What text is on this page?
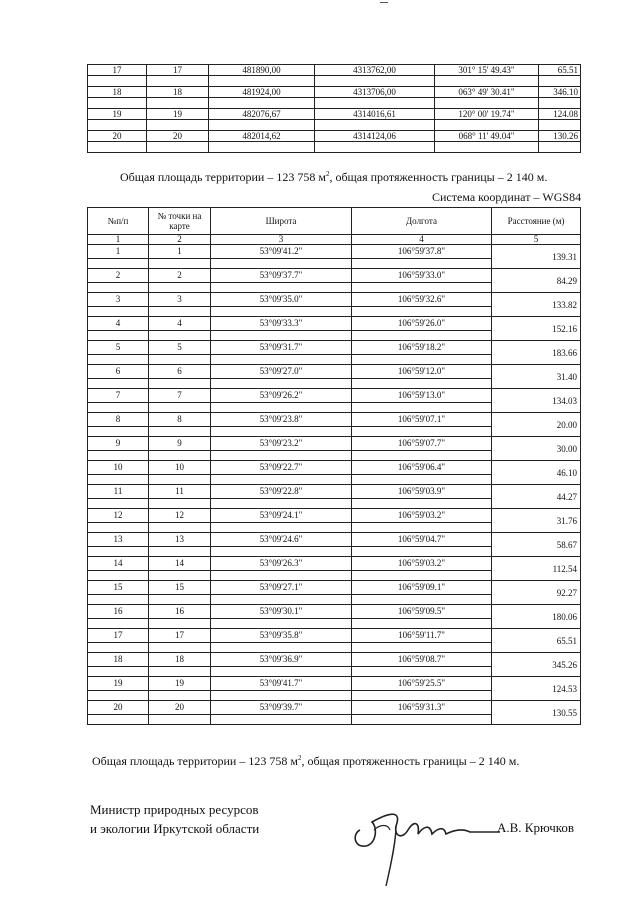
17	17	481890,00	4313762,00	301° 15' 49.43"	65.51

18	18	481924,00	4313706,00	063° 49' 30.41"	346.10

19	19	482076,67	4314016,61	120° 00' 19.74"	124.08

20	20	482014,62	4314124,06	068° 11' 49.04"	130.26

Общая площадь территории – 123 758 $м^2$, общая протяженность границы – 2 140 м.
Система координат – WGS84
№п/п	№ точки на карте	Широта	Долгота	Расстояние (м)
1	2	3	4	5
1	1	53°09'41.2"	106°59'37.8"	139.31

2	2	53°09'37.7"	106°59'33.0"	84.29

3	3	53°09'35.0"	106°59'32.6"	133.82

4	4	53°09'33.3"	106°59'26.0"	152.16

5	5	53°09'31.7"	106°59'18.2"	183.66

6	6	53°09'27.0"	106°59'12.0"	31.40

7	7	53°09'26.2"	106°59'13.0"	134.03

8	8	53°09'23.8"	106°59'07.1"	20.00

9	9	53°09'23.2"	106°59'07.7"	30.00

10	10	53°09'22.7"	106°59'06.4"	46.10

11	11	53°09'22.8"	106°59'03.9"	44.27

12	12	53°09'24.1"	106°59'03.2"	31.76

13	13	53°09'24.6"	106°59'04.7"	58.67

14	14	53°09'26.3"	106°59'03.2"	112.54

15	15	53°09'27.1"	106°59'09.1"	92.27

16	16	53°09'30.1"	106°59'09.5"	180.06

17	17	53°09'35.8"	106°59'11.7"	65.51

18	18	53°09'36.9"	106°59'08.7"	345.26

19	19	53°09'41.7"	106°59'25.5"	124.53

20	20	53°09'39.7"	106°59'31.3"	130.55

Общая площадь территории – 123 758 $м^2$, общая протяженность границы – 2 140 м.
Министр природных ресурсов
и экологии Иркутской области	А.В. Крючков
